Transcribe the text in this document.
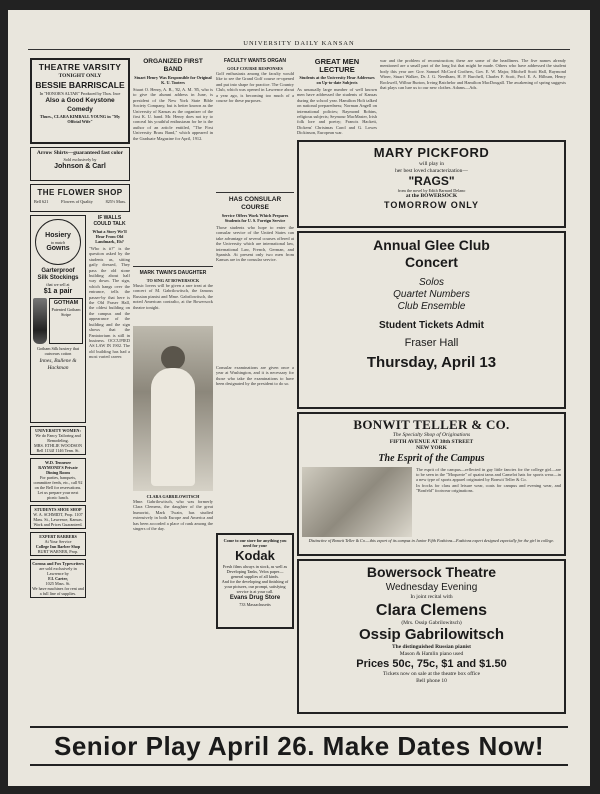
UNIVERSITY DAILY KANSAN
THEATRE VARSITY
TONIGHT ONLY
BESSIE BARRISCALE
In "HONOR'S ALTAR" Produced by Thos. Ince
Also a Good Keystone Comedy
Thurs., CLARA KIMBALL YOUNG in "My Official Wife"
Arrow Shirts—guaranteed fast color
Sold exclusively by
Johnson & Carl
THE FLOWER SHOP
Bell 621	Flowers of Quality	825½ Mass.
Hosiery
to match
Gowns
Garterproof
Silk Stockings
that we sell at
$1 a pair
GOTHAM
Patented Gotham Stripe
Gotham Silk hosiery that outwears cotton
Innes, Bullene & Hackman
IF WALLS COULD TALK
What a Story We'll Hear From Old Landmark, Eh?
"Who is it?" is the question asked by the students as, sitting gaily dressed, They pass the old stone building about half way down. The sign, which hangs over the entrance, tells the passer-by that here is the Old Fraser Hall, the oldest building on the campus and the appearance of the building and the sign shows that the Pantatorium is still in business. OCCUPIED AS LAW IN 1902. The old building has had a most varied career.
UNIVERSITY WOMEN:
We do Fancy Tailoring and Remodeling.
MRS. ETHLIE WOODSON
Bell 1134J 1146 Tenn. St.
W.D. Tennesee RAYMOND'S Private Dining Room
For parties, banquets, committee feeds, etc., call 92 on the Bell for reservations. Let us prepare your next picnic lunch.
STUDENTS SHOE SHOP
W. A. SCHMIDT, Prop. 1107 Mass. St., Lawrence, Kansas. Work and Prices Guaranteed.
EXPERT BARBERS
At Your Service
College Inn Barber Shop
BURT WARNER, Prop.
Corona and Fox Typewriters
are sold exclusively in Lawrence by
F.I. Carter,
1025 Mass. St.
We have machines for rent and a full line of supplies.
ORGANIZED FIRST BAND
Stuart Henry Was Responsible for Original K. U. Tooters
Stuart O. Henry, A. B., '82, A. M. '85, who is to give the alumni address in June, is president of the New York State Bible Society Company, but is better known as the University of Kansas as the organizer of the first K. U. band. Mr. Henry does not try to conceal his youthful enthusiasm for he is the author of an article entitled, "The First University Brass Band," which appeared in the Graduate Magazine for April, 1912.
MARK TWAIN'S DAUGHTER
TO SING AT BOWERSOCK
Music lovers will be given a rare treat at the concert of M. Gabrilowitsch, the famous Russian pianist and Mme. Gabrilowitsch, the noted American contralto, at the Bowersock theatre tonight.
CLARA GABRILOWITSCH
Mme. Gabrilowitsch, who was formerly Clara Clemens, the daughter of the great humorist, Mark Twain, has studied extensively in both Europe and America and has been accorded a place of rank among the singers of the day.
FACULTY WANTS ORGAN
GOLF COURSE RESPONSES
Golf enthusiasts among the faculty would like to see the Grand Golf course re-opened and put into shape for practice. The Country Club, which was opened in Lawrence about a year ago, is becoming too much of a course for these purposes.
HAS CONSULAR COURSE
Service Offers Work Which Prepares Students for U. S. Foreign Service
Those students who hope to enter the consular service of the United States can take advantage of several courses offered at the University which are international law, international Law, French, German, and Spanish. At present only two men from Kansas are in the consular service.
Consular examinations are given once a year at Washington, and it is necessary for those who take the examinations to have been designated by the president to do so.
Come to our store for anything you need for your
Kodak
Fresh films always in stock, as well as Developing Tanks, Velox paper—general supplies of all kinds.
And for the developing and finishing of your pictures, our prompt, satisfying service is at your call.
Evans Drug Store
733 Massachusetts
GREAT MEN LECTURE
Students at the University Hear Addresses on Up-to-date Subjects
As unusually large number of well known men have addressed the students of Kansas during the school year. Hamilton Holt talked on national preparedness; Norman Angell on international policies; Raymond Robins, religious subjects; Seymour MacMaster, Irish folk lore and poetry; Francis Hackett, Dickens' Christmas Carol and G. Lowes Dickinson, European war.
war and the problem of reconstruction; these are some of the headliners. The five names already mentioned are a small part of the long list that might be made. Others who have addressed the student body this year are: Gov. Samuel McCord Crothers, Gov. E. W. Major, Mitchell Scott Hall, Raymond Winer, Stuart Walker, Dr. J. G. Needham, H. P. Burchell, Charles F. Scott, Prof. E. A. Hilburn, Henry Rockwell, Wilbur Burton, Irving Batchelor and Hamilton MacDougall. The awakening of spring suggests that plays can lure us to our new clothes. Adams—Ads.
MARY PICKFORD
will play in
her best loved characterization—
"RAGS"
from the novel by Edith Barnard Delano
at the BOWERSOCK
TOMORROW ONLY
Annual Glee Club
Concert
Solos
Quartet Numbers
Club Ensemble
Student Tickets Admit
Fraser Hall
Thursday, April 13
BONWIT TELLER & CO.
The Specialty Shop of Originations
FIFTH AVENUE AT 38th STREET
NEW YORK
The Esprit of the Campus
The esprit of the campus—reflected in gay little fancies for the college girl—are to be seen in the "Moquerie" of quaint tams and Camelot hats for sports wear—in a new type of sports apparel originated by Bonwit Teller & Co.
In frocks for class and leisure wear, coats for campus and evening wear, and "Bonfeld" footwear originations.
Distinctive of Bonwit Teller & Co.—this expert of its campus in Junior Fifth Fashions—Fashions expert designed especially for the girl in college.
Bowersock Theatre
Wednesday Evening
In joint recital with
Clara Clemens
(Mrs. Ossip Gabrilowitsch)
Ossip Gabrilowitsch
The distinguished Russian pianist
Mason & Hamlin piano used
Prices 50c, 75c, $1 and $1.50
Tickets now on sale at the theatre box office
Bell phone 10
Senior Play April 26. Make Dates Now!
